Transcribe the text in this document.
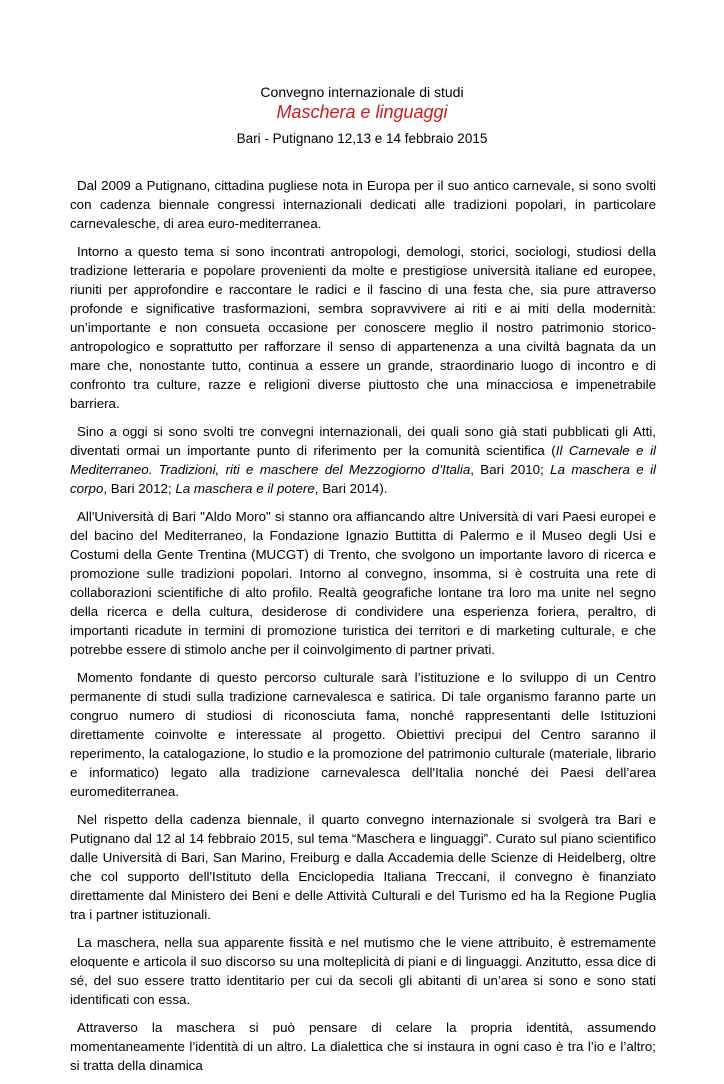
Convegno internazionale di studi

Maschera e linguaggi

Bari - Putignano 12,13 e 14 febbraio 2015

Dal 2009 a Putignano, cittadina pugliese nota in Europa per il suo antico carnevale, si sono svolti con cadenza biennale congressi internazionali dedicati alle tradizioni popolari, in particolare carnevalesche, di area euro-mediterranea.

Intorno a questo tema si sono incontrati antropologi, demologi, storici, sociologi, studiosi della tradizione letteraria e popolare provenienti da molte e prestigiose università italiane ed europee, riuniti per approfondire e raccontare le radici e il fascino di una festa che, sia pure attraverso profonde e significative trasformazioni, sembra sopravvivere ai riti e ai miti della modernità: un’importante e non consueta occasione per conoscere meglio il nostro patrimonio storico-antropologico e soprattutto per rafforzare il senso di appartenenza a una civiltà bagnata da un mare che, nonostante tutto, continua a essere un grande, straordinario luogo di incontro e di confronto tra culture, razze e religioni diverse piuttosto che una minacciosa e impenetrabile barriera.

Sino a oggi si sono svolti tre convegni internazionali, dei quali sono già stati pubblicati gli Atti, diventati ormai un importante punto di riferimento per la comunità scientifica (Il Carnevale e il Mediterraneo. Tradizioni, riti e maschere del Mezzogiorno d’Italia, Bari 2010; La maschera e il corpo, Bari 2012; La maschera e il potere, Bari 2014).

All'Università di Bari "Aldo Moro" si stanno ora affiancando altre Università di vari Paesi europei e del bacino del Mediterraneo, la Fondazione Ignazio Buttitta di Palermo e il Museo degli Usi e Costumi della Gente Trentina (MUCGT) di Trento, che svolgono un importante lavoro di ricerca e promozione sulle tradizioni popolari. Intorno al convegno, insomma, si è costruita una rete di collaborazioni scientifiche di alto profilo. Realtà geografiche lontane tra loro ma unite nel segno della ricerca e della cultura, desiderose di condividere una esperienza foriera, peraltro, di importanti ricadute in termini di promozione turistica dei territori e di marketing culturale, e che potrebbe essere di stimolo anche per il coinvolgimento di partner privati.

Momento fondante di questo percorso culturale sarà l’istituzione e lo sviluppo di un Centro permanente di studi sulla tradizione carnevalesca e satirica. Di tale organismo faranno parte un congruo numero di studiosi di riconosciuta fama, nonché rappresentanti delle Istituzioni direttamente coinvolte e interessate al progetto. Obiettivi precipui del Centro saranno il reperimento, la catalogazione, lo studio e la promozione del patrimonio culturale (materiale, librario e informatico) legato alla tradizione carnevalesca dell'Italia nonché dei Paesi dell’area euromediterranea.

Nel rispetto della cadenza biennale, il quarto convegno internazionale si svolgerà tra Bari e Putignano dal 12 al 14 febbraio 2015, sul tema “Maschera e linguaggi”. Curato sul piano scientifico dalle Università di Bari, San Marino, Freiburg e dalla Accademia delle Scienze di Heidelberg, oltre che col supporto dell'Istituto della Enciclopedia Italiana Treccani, il convegno è finanziato direttamente dal Ministero dei Beni e delle Attività Culturali e del Turismo ed ha la Regione Puglia tra i partner istituzionali.

La maschera, nella sua apparente fissità e nel mutismo che le viene attribuito, è estremamente eloquente e articola il suo discorso su una molteplicità di piani e di linguaggi. Anzitutto, essa dice di sé, del suo essere tratto identitario per cui da secoli gli abitanti di un’area si sono e sono stati identificati con essa.

Attraverso la maschera si può pensare di celare la propria identità, assumendo momentaneamente l’identità di un altro. La dialettica che si instaura in ogni caso è tra l’io e l’altro; si tratta della dinamica
